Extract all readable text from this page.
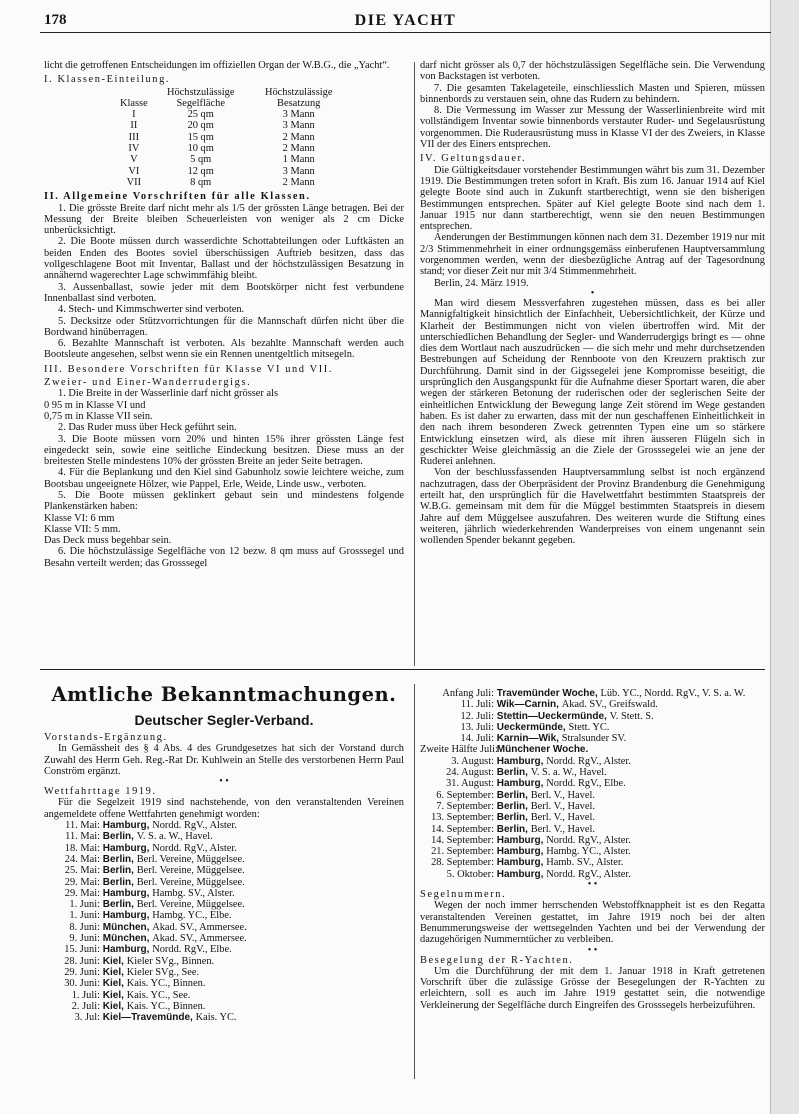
178	DIE YACHT

licht die getroffenen Entscheidungen im offiziellen Organ der W.B.G., die „Yacht“.

I. Klassen-Einteilung.

Klasse	Höchstzulässige Segelfläche	Höchstzulässige Besatzung
I	25 qm	3 Mann
II	20 qm	3 Mann
III	15 qm	2 Mann
IV	10 qm	2 Mann
V	5 qm	1 Mann
VI	12 qm	3 Mann
VII	8 qm	2 Mann

II. Allgemeine Vorschriften für alle Klassen.

1. Die grösste Breite darf nicht mehr als 1/5 der grössten Länge betragen. Bei der Messung der Breite bleiben Scheuerleisten von weniger als 2 cm Dicke unberücksichtigt.

2. Die Boote müssen durch wasserdichte Schottabteilungen oder Luftkästen an beiden Enden des Bootes soviel überschüssigen Auftrieb besitzen, dass das vollgeschlagene Boot mit Inventar, Ballast und der höchstzulässigen Besatzung in annähernd wagerechter Lage schwimmfähig bleibt.

3. Aussenballast, sowie jeder mit dem Bootskörper nicht fest verbundene Innenballast sind verboten.

4. Stech- und Kimmschwerter sind verboten.

5. Decksitze oder Stützvorrichtungen für die Mannschaft dürfen nicht über die Bordwand hinüberragen.

6. Bezahlte Mannschaft ist verboten. Als bezahlte Mannschaft werden auch Bootsleute angesehen, selbst wenn sie ein Rennen unentgeltlich mitsegeln.

III. Besondere Vorschriften für Klasse VI und VII.

Zweier- und Einer-Wanderrudergigs.

1. Die Breite in der Wasserlinie darf nicht grösser als

0 95 m in Klasse VI und

0,75 m in Klasse VII sein.

2. Das Ruder muss über Heck geführt sein.

3. Die Boote müssen vorn 20% und hinten 15% ihrer grössten Länge fest eingedeckt sein, sowie eine seitliche Eindeckung besitzen. Diese muss an der breitesten Stelle mindestens 10% der grössten Breite an jeder Seite betragen.

4. Für die Beplankung und den Kiel sind Gabunholz sowie leichtere weiche, zum Bootsbau ungeeignete Hölzer, wie Pappel, Erle, Weide, Linde usw., verboten.

5. Die Boote müssen geklinkert gebaut sein und mindestens folgende Plankenstärken haben:

Klasse VI: 6 mm

Klasse VII: 5 mm.

Das Deck muss begehbar sein.

6. Die höchstzulässige Segelfläche von 12 bezw. 8 qm muss auf Grosssegel und Besahn verteilt werden; das Grosssegel

darf nicht grösser als 0,7 der höchstzulässigen Segelfläche sein. Die Verwendung von Backstagen ist verboten.

7. Die gesamten Takelageteile, einschliesslich Masten und Spieren, müssen binnenbords zu verstauen sein, ohne das Rudern zu behindern.

8. Die Vermessung im Wasser zur Messung der Wasserlinienbreite wird mit vollständigem Inventar sowie binnenbords verstauter Ruder- und Segelausrüstung vorgenommen. Die Ruderausrüstung muss in Klasse VI der des Zweiers, in Klasse VII der des Einers entsprechen.

IV. Geltungsdauer.

Die Gültigkeitsdauer vorstehender Bestimmungen währt bis zum 31. Dezember 1919. Die Bestimmungen treten sofort in Kraft. Bis zum 16. Januar 1914 auf Kiel gelegte Boote sind auch in Zukunft startberechtigt, wenn sie den bisherigen Bestimmungen entsprechen. Später auf Kiel gelegte Boote sind nach dem 1. Januar 1915 nur dann startberechtigt, wenn sie den neuen Bestimmungen entsprechen.

Aenderungen der Bestimmungen können nach dem 31. Dezember 1919 nur mit 2/3 Stimmenmehrheit in einer ordnungsgemäss einberufenen Hauptversammlung vorgenommen werden, wenn der diesbezügliche Antrag auf der Tagesordnung stand; vor dieser Zeit nur mit 3/4 Stimmenmehrheit.

Berlin, 24. März 1919.

•

Man wird diesem Messverfahren zugestehen müssen, dass es bei aller Mannigfaltigkeit hinsichtlich der Einfachheit, Uebersichtlichkeit, der Kürze und Klarheit der Bestimmungen nicht von vielen übertroffen wird. Mit der unterschiedlichen Behandlung der Segler- und Wanderrudergigs bringt es — ohne dies dem Wortlaut nach auszudrücken — die sich mehr und mehr durchsetzenden Bestrebungen auf Scheidung der Rennboote von den Kreuzern praktisch zur Durchführung. Damit sind in der Gigssegelei jene Kompromisse beseitigt, die ursprünglich den Ausgangspunkt für die Aufnahme dieser Sportart waren, die aber wegen der stärkeren Betonung der ruderischen oder der seglerischen Seite der einheitlichen Entwicklung der Bewegung lange Zeit störend im Wege gestanden haben. Es ist daher zu erwarten, dass mit der nun geschaffenen Einheitlichkeit in den nach ihrem besonderen Zweck getrennten Typen eine um so stärkere Entwicklung einsetzen wird, als diese mit ihren äusseren Flügeln sich in geschickter Weise gleichmässig an die Ziele der Grosssegelei wie an jene der Ruderei anlehnen.

Von der beschlussfassenden Hauptversammlung selbst ist noch ergänzend nachzutragen, dass der Oberpräsident der Provinz Brandenburg die Genehmigung erteilt hat, den ursprünglich für die Havelwettfahrt bestimmten Staatspreis der W.B.G. gemeinsam mit dem für die Müggel bestimmten Staatspreis in diesem Jahre auf dem Müggelsee auszufahren. Des weiteren wurde die Stiftung eines weiteren, jährlich wiederkehrenden Wanderpreises von einem ungenannt sein wollenden Spender bekannt gegeben.

Amtliche Bekanntmachungen.
Deutscher Segler-Verband.

Vorstands-Ergänzung.

In Gemässheit des § 4 Abs. 4 des Grundgesetzes hat sich der Vorstand durch Zuwahl des Herrn Geh. Reg.-Rat Dr. Kuhlwein an Stelle des verstorbenen Herrn Paul Conström ergänzt.

• •

Wettfahrttage 1919.

Für die Segelzeit 1919 sind nachstehende, von den veranstaltenden Vereinen angemeldete offene Wettfahrten genehmigt worden:

11. Mai: Hamburg, Nordd. RgV., Alster.
11. Mai: Berlin, V. S. a. W., Havel.
18. Mai: Hamburg, Nordd. RgV., Alster.
24. Mai: Berlin, Berl. Vereine, Müggelsee.
25. Mai: Berlin, Berl. Vereine, Müggelsee.
29. Mai: Berlin, Berl. Vereine, Müggelsee.
29. Mai: Hamburg, Hambg. SV., Alster.
1. Juni: Berlin, Berl. Vereine, Müggelsee.
1. Juni: Hamburg, Hambg. YC., Elbe.
8. Juni: München, Akad. SV., Ammersee.
9. Juni: München, Akad. SV., Ammersee.
15. Juni: Hamburg, Nordd. RgV., Elbe.
28. Juni: Kiel, Kieler SVg., Binnen.
29. Juni: Kiel, Kieler SVg., See.
30. Juni: Kiel, Kais. YC., Binnen.
1. Juli: Kiel, Kais. YC., See.
2. Juli: Kiel, Kais. YC., Binnen.
3. Jul: Kiel—Travemünde, Kais. YC.
Anfang Juli: Travemünder Woche, Lüb. YC., Nordd. RgV., V. S. a. W.
11. Juli: Wik—Carnin, Akad. SV., Greifswald.
12. Juli: Stettin—Ueckermünde, V. Stett. S.
13. Juli: Ueckermünde, Stett. YC.
14. Juli: Karnin—Wik, Stralsunder SV.
Zweite Hälfte Juli: Münchener Woche.
3. August: Hamburg, Nordd. RgV., Alster.
24. August: Berlin, V. S. a. W., Havel.
31. August: Hamburg, Nordd. RgV., Elbe.
6. September: Berlin, Berl. V., Havel.
7. September: Berlin, Berl. V., Havel.
13. September: Berlin, Berl. V., Havel.
14. September: Berlin, Berl. V., Havel.
14. September: Hamburg, Nordd. RgV., Alster.
21. September: Hamburg, Hambg. YC., Alster.
28. September: Hamburg, Hamb. SV., Alster.
5. Oktober: Hamburg, Nordd. RgV., Alster.
• •

Segelnummern.

Wegen der noch immer herrschenden Webstoffknappheit ist es den Regatta veranstaltenden Vereinen gestattet, im Jahre 1919 noch bei der alten Benummerungsweise der wettsegelnden Yachten und bei der Verwendung der dazugehörigen Nummerntücher zu verbleiben.

• •

Besegelung der R-Yachten.

Um die Durchführung der mit dem 1. Januar 1918 in Kraft getretenen Vorschrift über die zulässige Grösse der Besegelungen der R-Yachten zu erleichtern, soll es auch im Jahre 1919 gestattet sein, die notwendige Verkleinerung der Segelfläche durch Eingreifen des Grosssegels herbeizuführen.
